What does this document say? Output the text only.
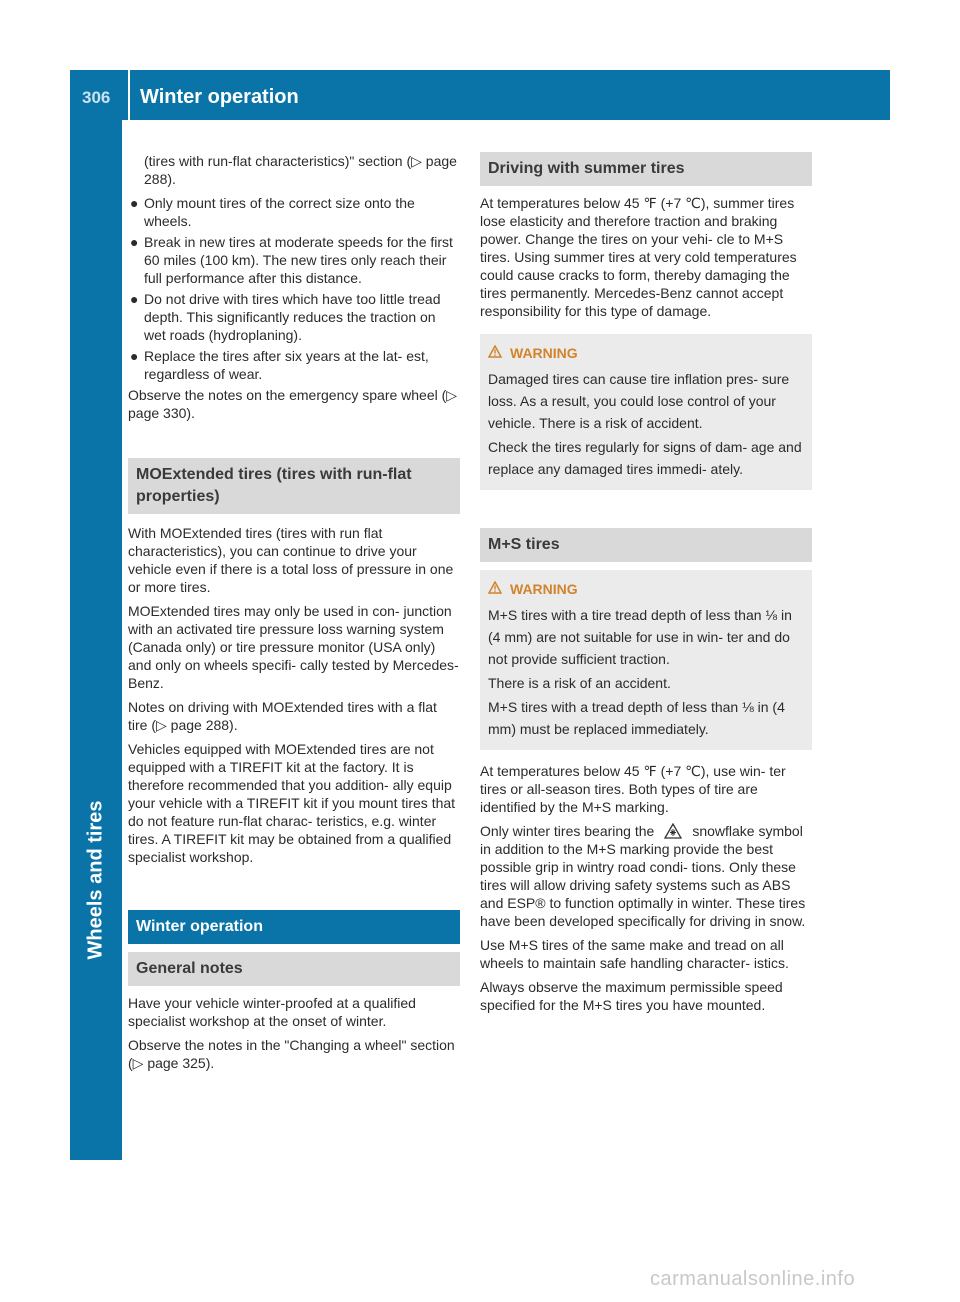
306 Winter operation
Wheels and tires

(tires with run-flat characteristics)" section (▷ page 288).

● Only mount tires of the correct size onto the wheels.
● Break in new tires at moderate speeds for the first 60 miles (100 km). The new tires only reach their full performance after this distance.
● Do not drive with tires which have too little tread depth. This significantly reduces the traction on wet roads (hydroplaning).
● Replace the tires after six years at the lat- est, regardless of wear.

Observe the notes on the emergency spare wheel (▷ page 330).

MOExtended tires (tires with run-flat properties)

With MOExtended tires (tires with run flat characteristics), you can continue to drive your vehicle even if there is a total loss of pressure in one or more tires.

MOExtended tires may only be used in con- junction with an activated tire pressure loss warning system (Canada only) or tire pressure monitor (USA only) and only on wheels specifi- cally tested by Mercedes-Benz.

Notes on driving with MOExtended tires with a flat tire (▷ page 288).

Vehicles equipped with MOExtended tires are not equipped with a TIREFIT kit at the factory. It is therefore recommended that you addition- ally equip your vehicle with a TIREFIT kit if you mount tires that do not feature run-flat charac- teristics, e.g. winter tires. A TIREFIT kit may be obtained from a qualified specialist workshop.

Winter operation
General notes

Have your vehicle winter-proofed at a qualified specialist workshop at the onset of winter.

Observe the notes in the "Changing a wheel" section (▷ page 325).

Driving with summer tires

At temperatures below 45 ℉ (+7 ℃), summer tires lose elasticity and therefore traction and braking power. Change the tires on your vehi- cle to M+S tires. Using summer tires at very cold temperatures could cause cracks to form, thereby damaging the tires permanently. Mercedes-Benz cannot accept responsibility for this type of damage.

WARNING

Damaged tires can cause tire inflation pres- sure loss. As a result, you could lose control of your vehicle. There is a risk of accident.

Check the tires regularly for signs of dam- age and replace any damaged tires immedi- ately.

M+S tires
WARNING

M+S tires with a tire tread depth of less than ⅛ in (4 mm) are not suitable for use in win- ter and do not provide sufficient traction.

There is a risk of an accident.

M+S tires with a tread depth of less than ⅛ in (4 mm) must be replaced immediately.

At temperatures below 45 ℉ (+7 ℃), use win- ter tires or all-season tires. Both types of tire are identified by the M+S marking.

Only winter tires bearing the	snowflake symbol in addition to the M+S marking provide the best possible grip in wintry road condi- tions. Only these tires will allow driving safety systems such as ABS and ESP® to function optimally in winter. These tires have been developed specifically for driving in snow.

Use M+S tires of the same make and tread on all wheels to maintain safe handling character- istics.

Always observe the maximum permissible speed specified for the M+S tires you have mounted.

carmanualsonline.info
